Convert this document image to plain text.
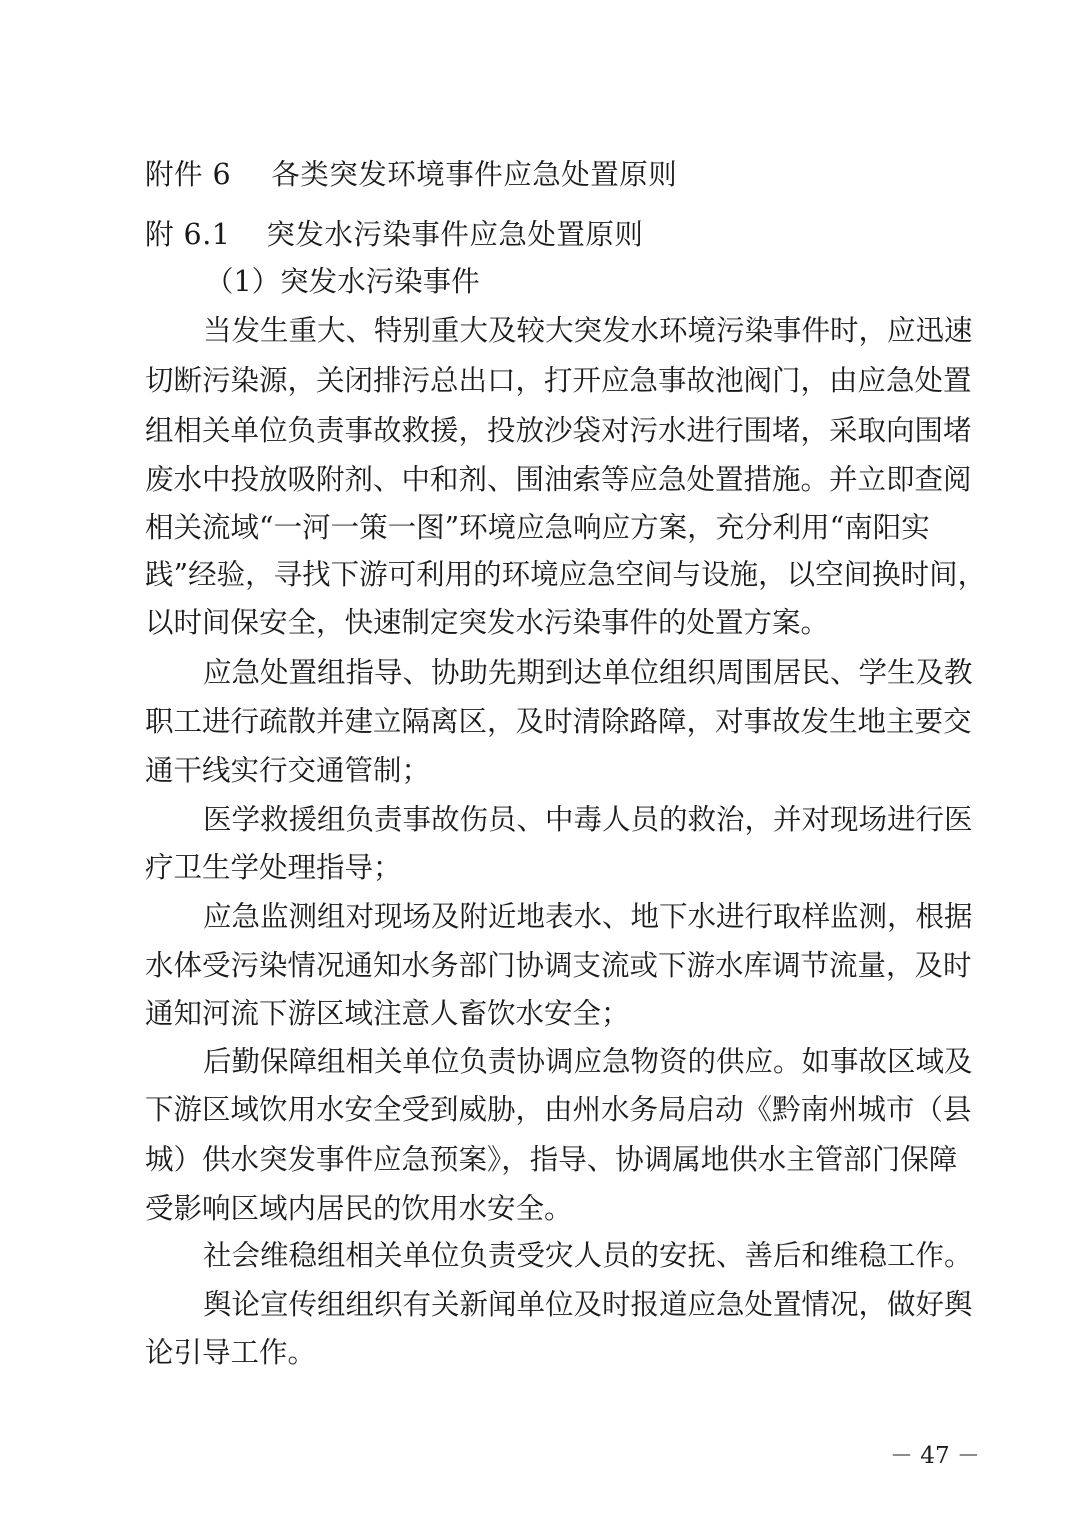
附件 6 各类突发环境事件应急处置原则
附 6.1 突发水污染事件应急处置原则
（1）突发水污染事件
当发生重大、特别重大及较大突发水环境污染事件时，应迅速
切断污染源，关闭排污总出口，打开应急事故池阀门，由应急处置
组相关单位负责事故救援，投放沙袋对污水进行围堵，采取向围堵
废水中投放吸附剂、中和剂、围油索等应急处置措施。并立即查阅
相关流域“一河一策一图”环境应急响应方案，充分利用“南阳实
践”经验，寻找下游可利用的环境应急空间与设施，以空间换时间，
以时间保安全，快速制定突发水污染事件的处置方案。
应急处置组指导、协助先期到达单位组织周围居民、学生及教
职工进行疏散并建立隔离区，及时清除路障，对事故发生地主要交
通干线实行交通管制；
医学救援组负责事故伤员、中毒人员的救治，并对现场进行医
疗卫生学处理指导；
应急监测组对现场及附近地表水、地下水进行取样监测，根据
水体受污染情况通知水务部门协调支流或下游水库调节流量，及时
通知河流下游区域注意人畜饮水安全；
后勤保障组相关单位负责协调应急物资的供应。如事故区域及
下游区域饮用水安全受到威胁，由州水务局启动《黔南州城市（县
城）供水突发事件应急预案》，指导、协调属地供水主管部门保障
受影响区域内居民的饮用水安全。
社会维稳组相关单位负责受灾人员的安抚、善后和维稳工作。
舆论宣传组组织有关新闻单位及时报道应急处置情况，做好舆
论引导工作。
－ 47 －
